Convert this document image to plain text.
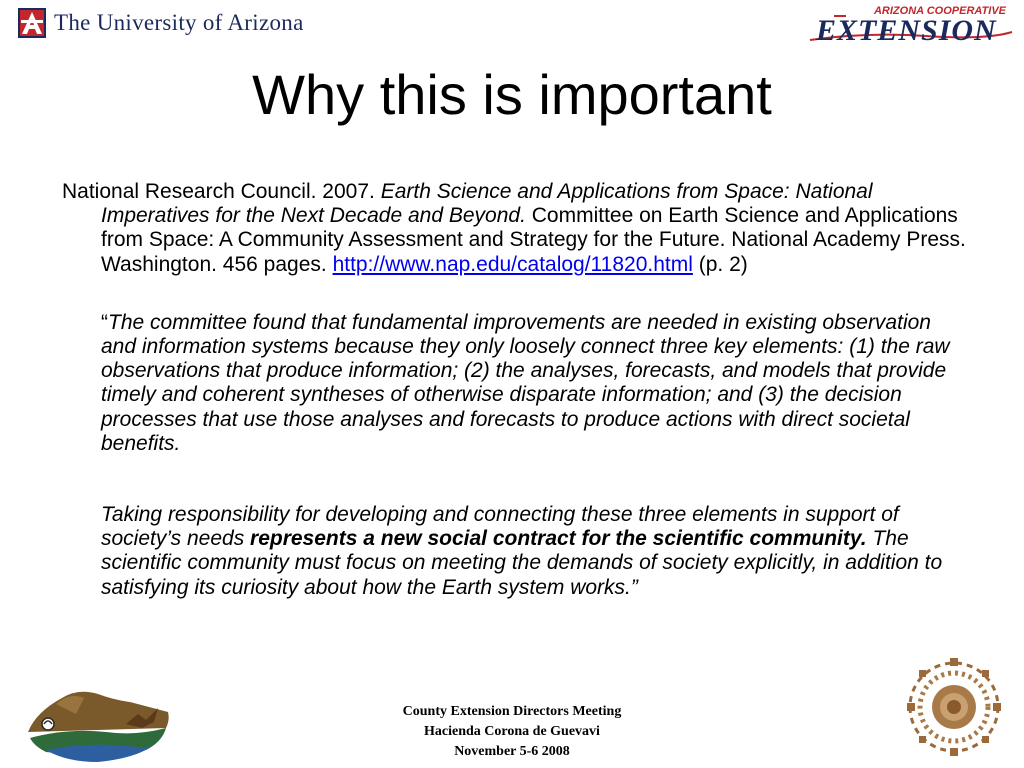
The University of Arizona	ARIZONA COOPERATIVE
EXTENSION
Why this is important

National Research Council. 2007. Earth Science and Applications from Space: National Imperatives for the Next Decade and Beyond. Committee on Earth Science and Applications from Space: A Community Assessment and Strategy for the Future. National Academy Press. Washington. 456 pages. http://www.nap.edu/catalog/11820.html (p. 2)

“The committee found that fundamental improvements are needed in existing observation and information systems because they only loosely connect three key elements: (1) the raw observations that produce information; (2) the analyses, forecasts, and models that provide timely and coherent syntheses of otherwise disparate information; and (3) the decision processes that use those analyses and forecasts to produce actions with direct societal benefits.

Taking responsibility for developing and connecting these three elements in support of society’s needs represents a new social contract for the scientific community. The scientific community must focus on meeting the demands of society explicitly, in addition to satisfying its curiosity about how the Earth system works.”

County Extension Directors Meeting
Hacienda Corona de Guevavi
November 5-6 2008
